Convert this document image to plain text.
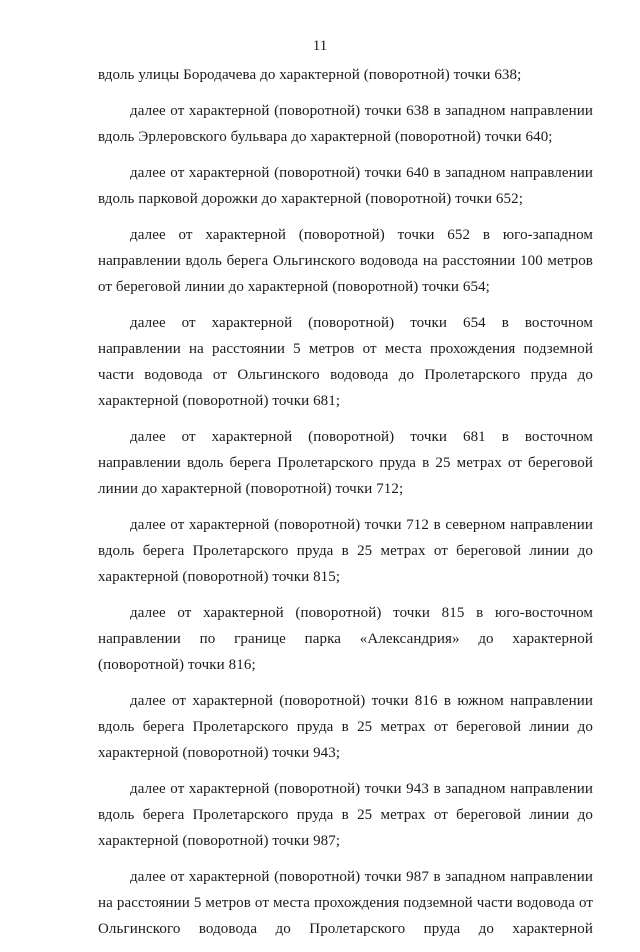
11

вдоль улицы Бородачева до характерной (поворотной) точки 638;

далее от характерной (поворотной) точки 638 в западном направлении вдоль Эрлеровского бульвара до характерной (поворотной) точки 640;

далее от характерной (поворотной) точки 640 в западном направлении вдоль парковой дорожки до характерной (поворотной) точки 652;

далее от характерной (поворотной) точки 652 в юго-западном направлении вдоль берега Ольгинского водовода на расстоянии 100 метров от береговой линии до характерной (поворотной) точки 654;

далее от характерной (поворотной) точки 654 в восточном направлении на расстоянии 5 метров от места прохождения подземной части водовода от Ольгинского водовода до Пролетарского пруда до характерной (поворотной) точки 681;

далее от характерной (поворотной) точки 681 в восточном направлении вдоль берега Пролетарского пруда в 25 метрах от береговой линии до характерной (поворотной) точки 712;

далее от характерной (поворотной) точки 712 в северном направлении вдоль берега Пролетарского пруда в 25 метрах от береговой линии до характерной (поворотной) точки 815;

далее от характерной (поворотной) точки 815 в юго-восточном направлении по границе парка «Александрия» до характерной (поворотной) точки 816;

далее от характерной (поворотной) точки 816 в южном направлении вдоль берега Пролетарского пруда в 25 метрах от береговой линии до характерной (поворотной) точки 943;

далее от характерной (поворотной) точки 943 в западном направлении вдоль берега Пролетарского пруда в 25 метрах от береговой линии до характерной (поворотной) точки 987;

далее от характерной (поворотной) точки 987 в западном направлении на расстоянии 5 метров от места прохождения подземной части водовода от Ольгинского водовода до Пролетарского пруда до характерной
